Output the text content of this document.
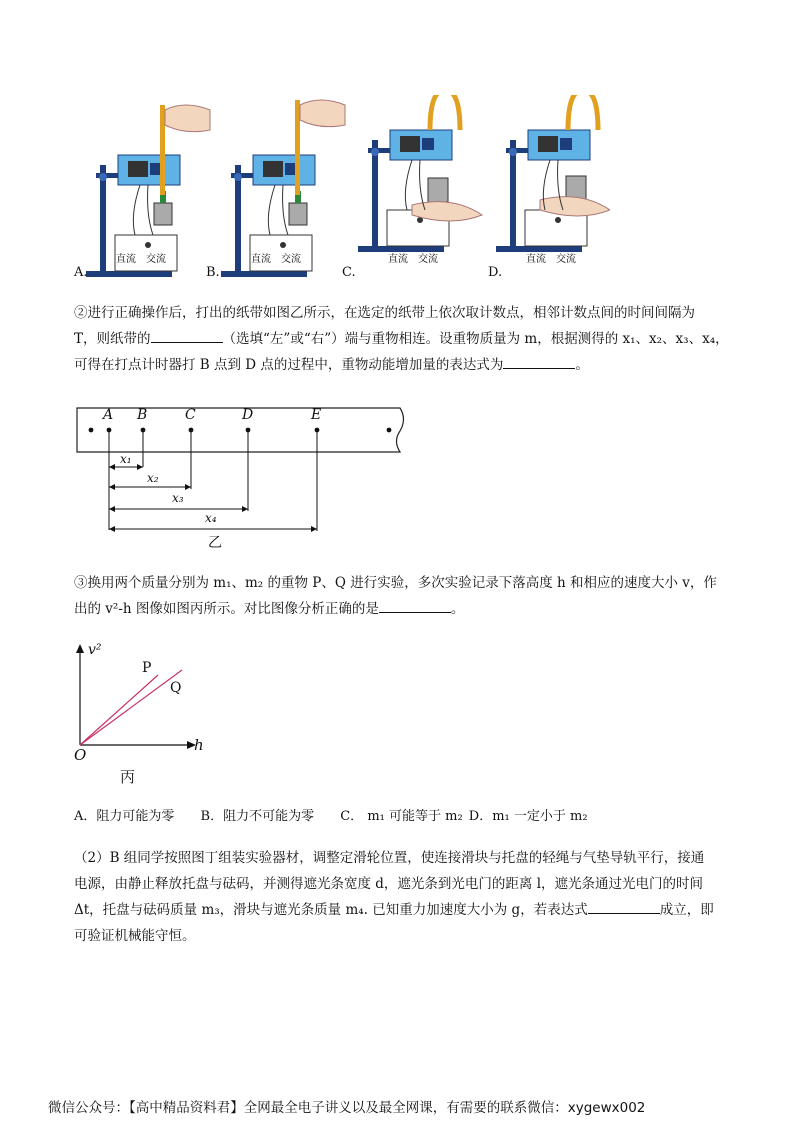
A.	B.	C.	D.
直流 交流	直流 交流	直流 交流	直流 交流
②进行正确操作后，打出的纸带如图乙所示，在选定的纸带上依次取计数点，相邻计数点间的时间间隔为
T，则纸带的	（选填“左”或“右”）端与重物相连。设重物质量为 m，根据测得的 x₁、x₂、x₃、x₄，
可得在打点计时器打 B 点到 D 点的过程中，重物动能增加量的表达式为	。
A B	C	D	E
x₁
x₂
x₃
x₄
乙
③换用两个质量分别为 m₁、m₂ 的重物 P、Q 进行实验，多次实验记录下落高度 h 和相应的速度大小 v，作
出的 v²-h 图像如图丙所示。对比图像分析正确的是	。
v²
h
O
P
Q
丙
A．阻力可能为零 B．阻力不可能为零 C． m₁ 可能等于 m₂ D．m₁ 一定小于 m₂
（2）B 组同学按照图丁组装实验器材，调整定滑轮位置，使连接滑块与托盘的轻绳与气垫导轨平行，接通
电源，由静止释放托盘与砝码，并测得遮光条宽度 d，遮光条到光电门的距离 l，遮光条通过光电门的时间
Δt，托盘与砝码质量 m₃，滑块与遮光条质量 m₄. 已知重力加速度大小为 g，若表达式	成立，即
可验证机械能守恒。
微信公众号：【高中精品资料君】全网最全电子讲义以及最全网课，有需要的联系微信：xygewx002
